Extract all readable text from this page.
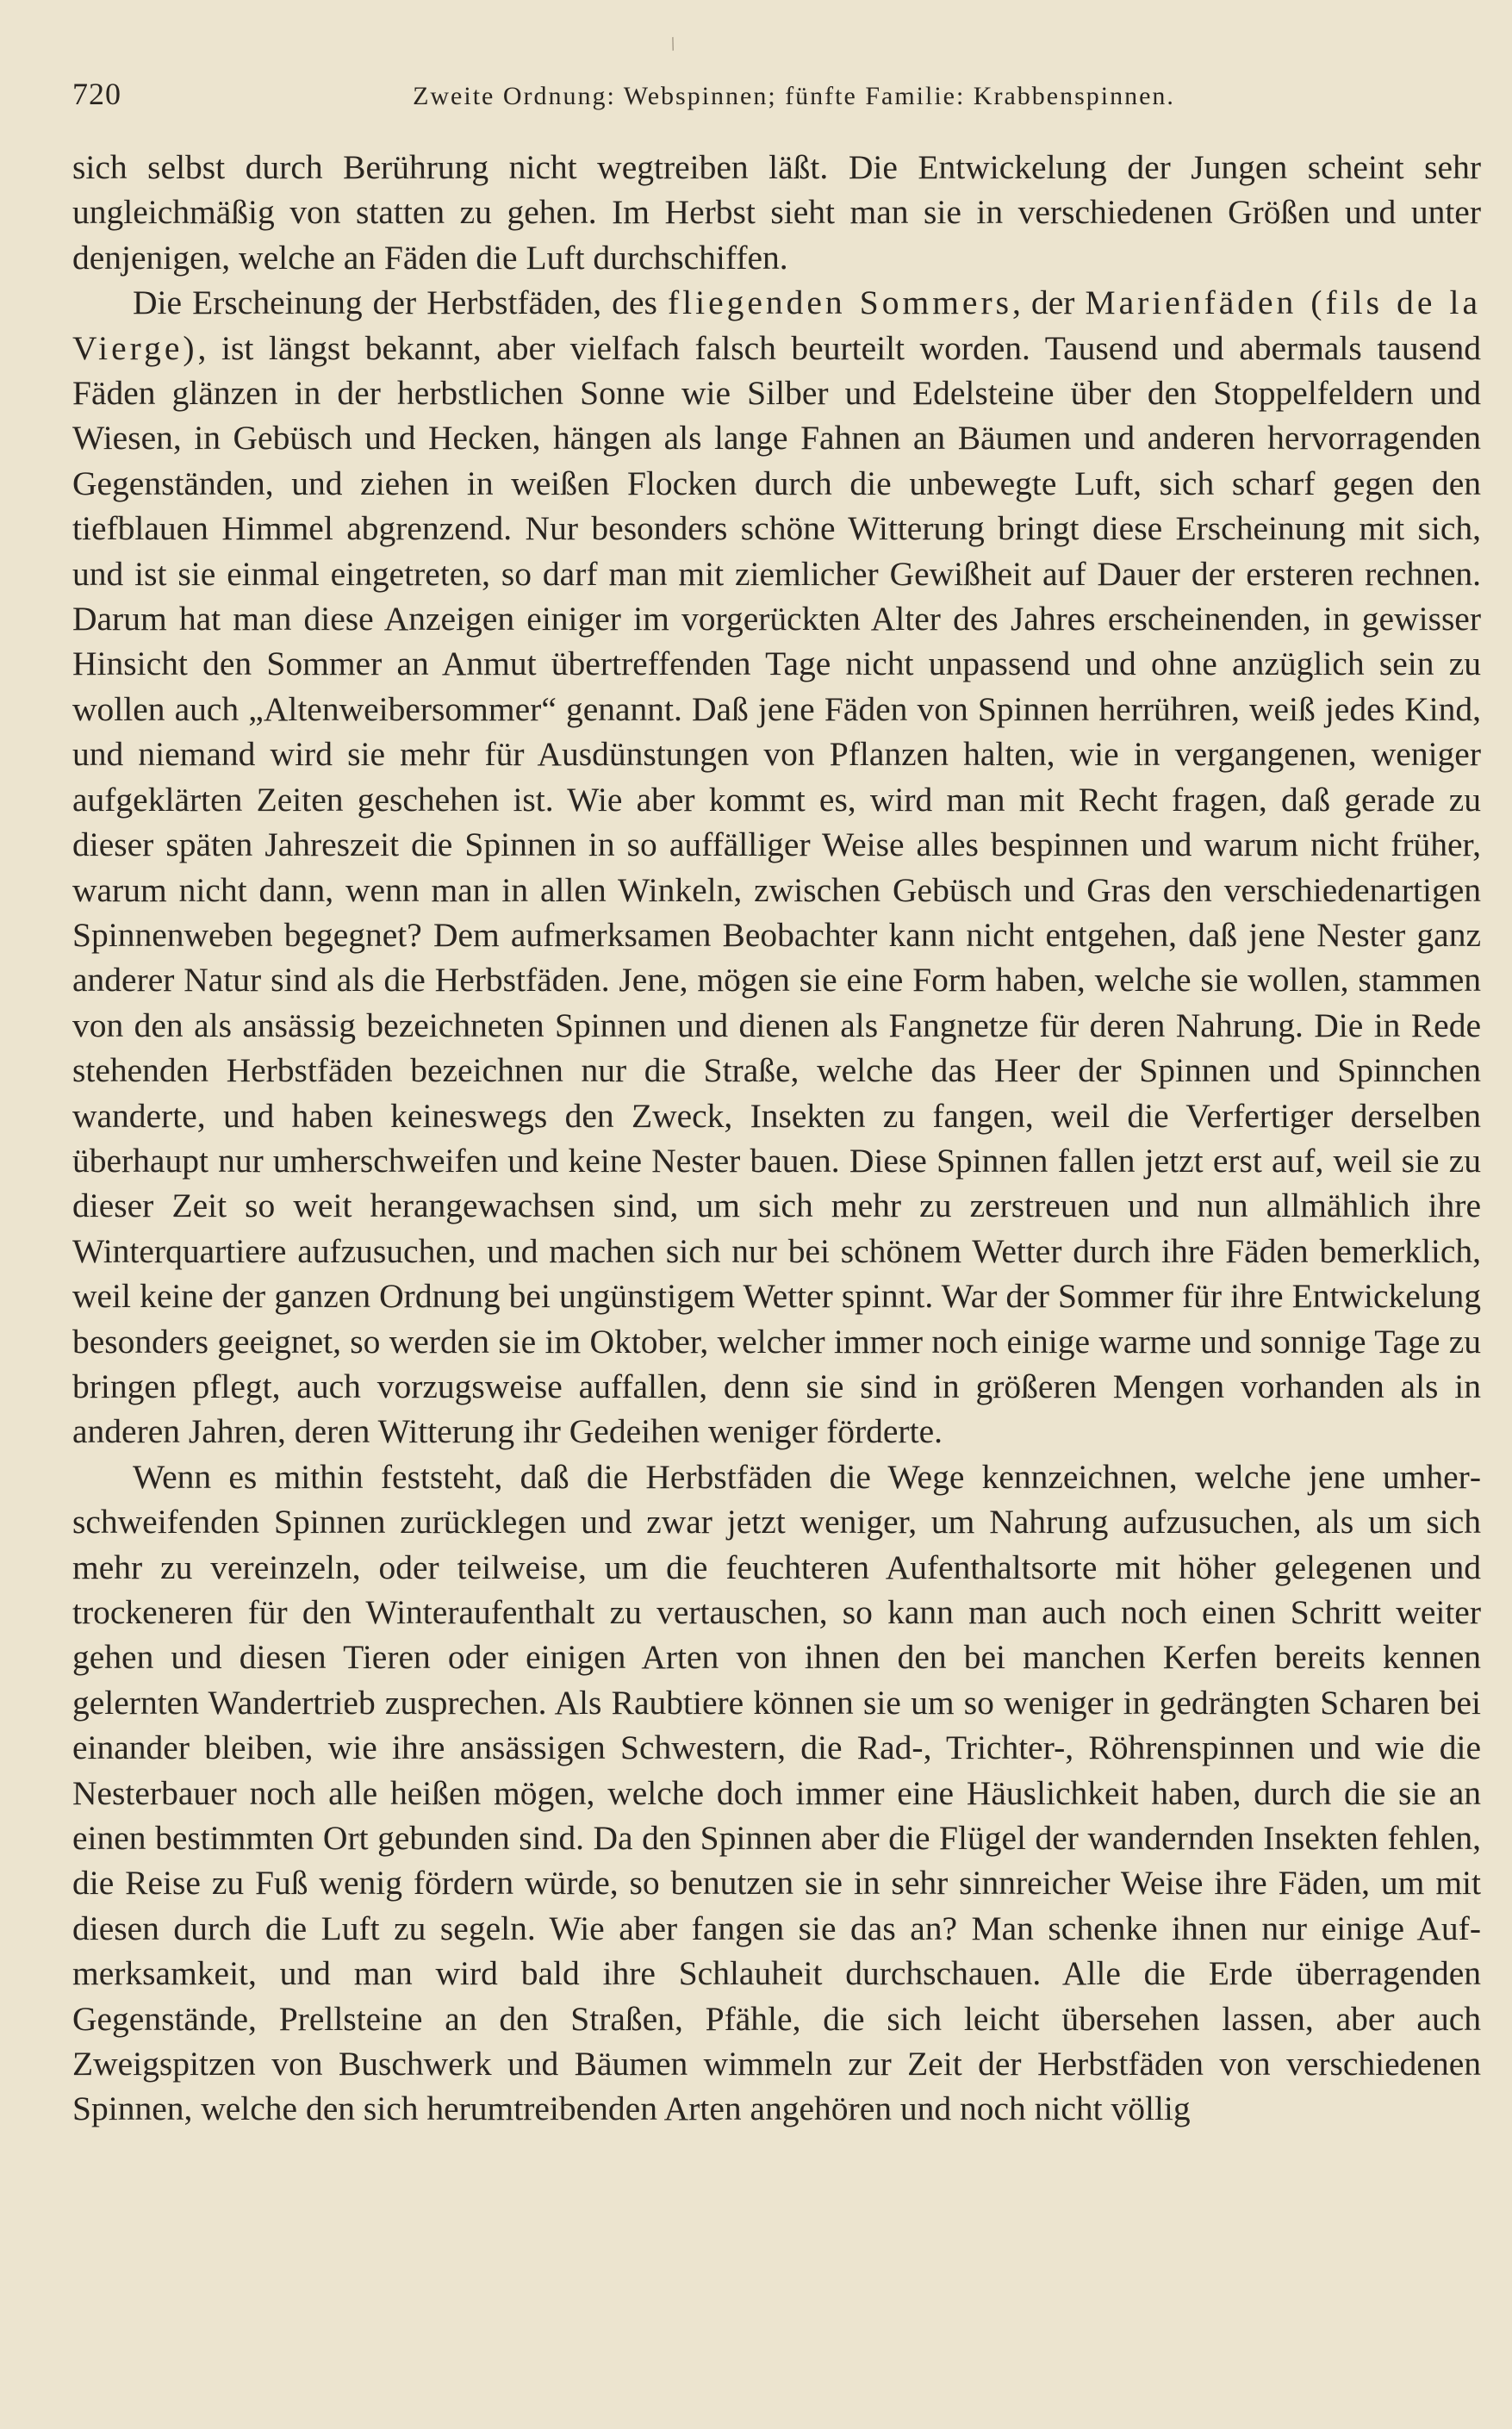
/
720	Zweite Ordnung: Webspinnen; fünfte Familie: Krabbenspinnen.

sich selbst durch Berührung nicht wegtreiben läßt. Die Entwickelung der Jungen scheint sehr ungleichmäßig von statten zu gehen. Im Herbst sieht man sie in verschiedenen Größen und unter denjenigen, welche an Fäden die Luft durchschiffen.

Die Erscheinung der Herbstfäden, des fliegenden Sommers, der Marienfäden (fils de la Vierge), ist längst bekannt, aber vielfach falsch beurteilt worden. Tausend und abermals tausend Fäden glänzen in der herbstlichen Sonne wie Silber und Edelsteine über den Stoppelfeldern und Wiesen, in Gebüsch und Hecken, hängen als lange Fahnen an Bäumen und anderen hervorragenden Gegenständen, und ziehen in weißen Flocken durch die unbewegte Luft, sich scharf gegen den tiefblauen Himmel abgrenzend. Nur besonders schöne Witterung bringt diese Erscheinung mit sich, und ist sie einmal eingetreten, so darf man mit ziemlicher Gewißheit auf Dauer der ersteren rechnen. Darum hat man diese Anzeigen einiger im vorgerückten Alter des Jahres erscheinenden, in gewisser Hinsicht den Sommer an Anmut übertreffenden Tage nicht unpassend und ohne anzüglich sein zu wollen auch „Altenweibersommer“ genannt. Daß jene Fäden von Spinnen herrühren, weiß jedes Kind, und niemand wird sie mehr für Ausdünstungen von Pflanzen halten, wie in vergangenen, weniger aufgeklärten Zeiten geschehen ist. Wie aber kommt es, wird man mit Recht fragen, daß gerade zu dieser späten Jahreszeit die Spinnen in so auffälliger Weise alles bespinnen und warum nicht früher, warum nicht dann, wenn man in allen Winkeln, zwischen Gebüsch und Gras den verschiedenartigen Spinnenweben begegnet? Dem aufmerksamen Beobachter kann nicht entgehen, daß jene Nester ganz anderer Natur sind als die Herbstfäden. Jene, mögen sie eine Form haben, welche sie wollen, stammen von den als ansässig bezeichneten Spinnen und dienen als Fangnetze für deren Nahrung. Die in Rede stehenden Herbstfäden bezeichnen nur die Straße, welche das Heer der Spinnen und Spinnchen wanderte, und haben keineswegs den Zweck, Insekten zu fangen, weil die Verfertiger derselben überhaupt nur umherschweifen und keine Nester bauen. Diese Spinnen fallen jetzt erst auf, weil sie zu dieser Zeit so weit herangewachsen sind, um sich mehr zu zerstreuen und nun allmählich ihre Winterquartiere aufzusuchen, und machen sich nur bei schönem Wetter durch ihre Fäden bemerklich, weil keine der ganzen Ordnung bei ungünstigem Wetter spinnt. War der Sommer für ihre Entwickelung besonders geeignet, so werden sie im Oktober, welcher immer noch einige warme und sonnige Tage zu bringen pflegt, auch vorzugsweise auffallen, denn sie sind in größeren Mengen vorhanden als in anderen Jahren, deren Witterung ihr Gedeihen weniger förderte.

Wenn es mithin feststeht, daß die Herbstfäden die Wege kennzeichnen, welche jene umherschweifenden Spinnen zurücklegen und zwar jetzt weniger, um Nahrung aufzusuchen, als um sich mehr zu vereinzeln, oder teilweise, um die feuchteren Aufenthaltsorte mit höher gelegenen und trockeneren für den Winteraufenthalt zu vertauschen, so kann man auch noch einen Schritt weiter gehen und diesen Tieren oder einigen Arten von ihnen den bei manchen Kerfen bereits kennen gelernten Wandertrieb zusprechen. Als Raubtiere können sie um so weniger in gedrängten Scharen bei einander bleiben, wie ihre ansässigen Schwestern, die Rad-, Trichter-, Röhrenspinnen und wie die Nesterbauer noch alle heißen mögen, welche doch immer eine Häuslichkeit haben, durch die sie an einen bestimmten Ort gebunden sind. Da den Spinnen aber die Flügel der wandernden Insekten fehlen, die Reise zu Fuß wenig fördern würde, so benutzen sie in sehr sinnreicher Weise ihre Fäden, um mit diesen durch die Luft zu segeln. Wie aber fangen sie das an? Man schenke ihnen nur einige Aufmerksamkeit, und man wird bald ihre Schlauheit durchschauen. Alle die Erde überragenden Gegenstände, Prellsteine an den Straßen, Pfähle, die sich leicht übersehen lassen, aber auch Zweigspitzen von Buschwerk und Bäumen wimmeln zur Zeit der Herbstfäden von verschiedenen Spinnen, welche den sich herumtreibenden Arten angehören und noch nicht völlig
